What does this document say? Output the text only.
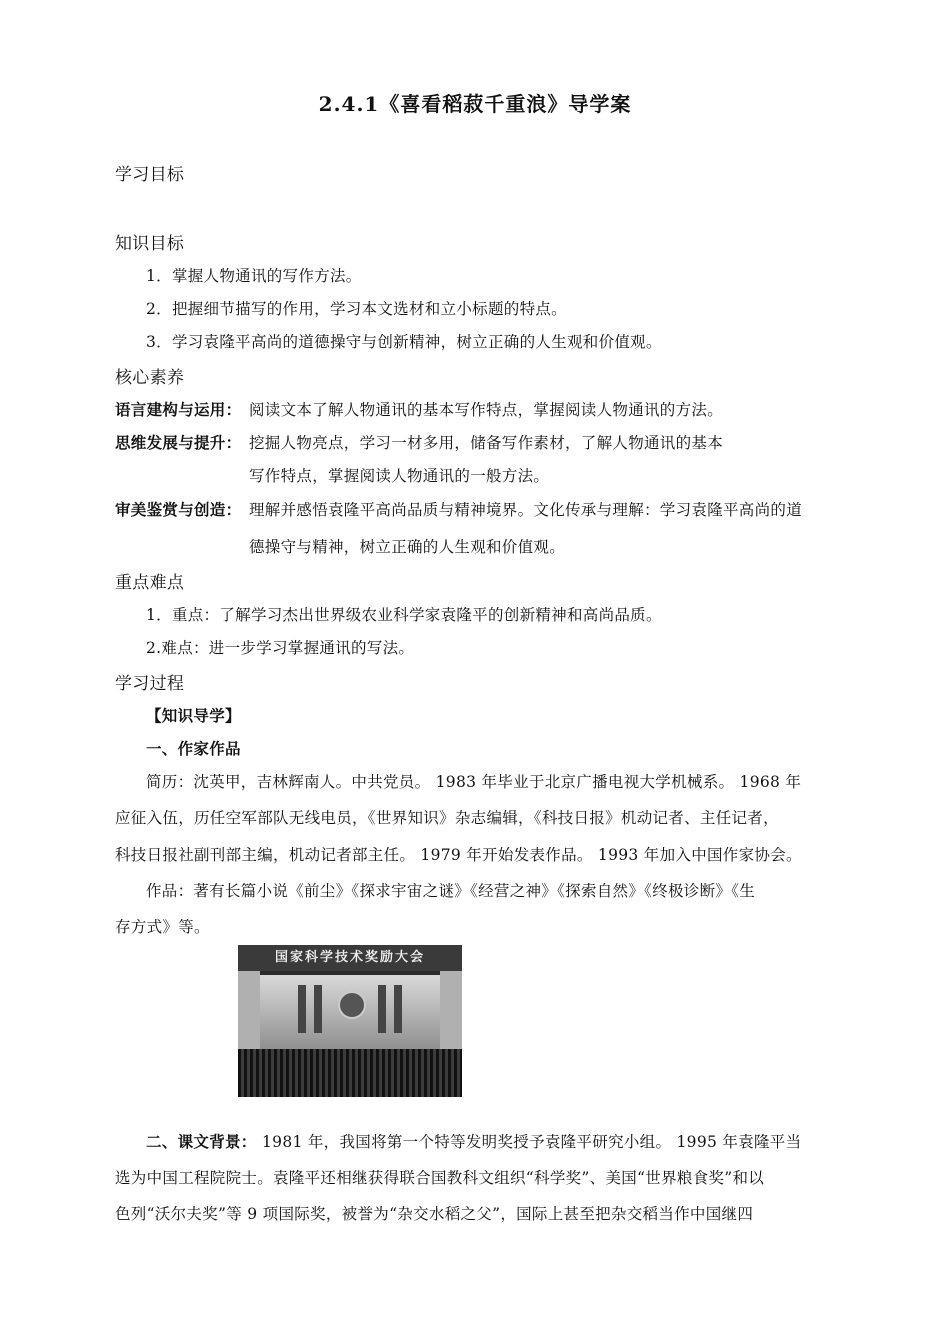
2.4.1《喜看稻菽千重浪》导学案
学习目标
知识目标
1．掌握人物通讯的写作方法。
2．把握细节描写的作用，学习本文选材和立小标题的特点。
3．学习袁隆平高尚的道德操守与创新精神，树立正确的人生观和价值观。
核心素养
语言建构与运用： 阅读文本了解人物通讯的基本写作特点，掌握阅读人物通讯的方法。
思维发展与提升： 挖掘人物亮点，学习一材多用，储备写作素材，了解人物通讯的基本
写作特点，掌握阅读人物通讯的一般方法。
审美鉴赏与创造： 理解并感悟袁隆平高尚品质与精神境界。文化传承与理解：学习袁隆平高尚的道
德操守与精神，树立正确的人生观和价值观。
重点难点
1．重点：了解学习杰出世界级农业科学家袁隆平的创新精神和高尚品质。
2.难点：进一步学习掌握通讯的写法。
学习过程
【知识导学】
一、作家作品
简历：沈英甲，吉林辉南人。中共党员。 1983 年毕业于北京广播电视大学机械系。 1968 年
应征入伍，历任空军部队无线电员，《世界知识》杂志编辑，《科技日报》机动记者、主任记者，
科技日报社副刊部主编，机动记者部主任。 1979 年开始发表作品。 1993 年加入中国作家协会。
作品：著有长篇小说《前尘》《探求宇宙之谜》《经营之神》《探索自然》《终极诊断》《生
存方式》等。
国家科学技术奖励大会
二、课文背景： 1981 年，我国将第一个特等发明奖授予袁隆平研究小组。 1995 年袁隆平当
选为中国工程院院士。袁隆平还相继获得联合国教科文组织“科学奖”、美国“世界粮食奖”和以
色列“沃尔夫奖”等 9 项国际奖，被誉为“杂交水稻之父”，国际上甚至把杂交稻当作中国继四
